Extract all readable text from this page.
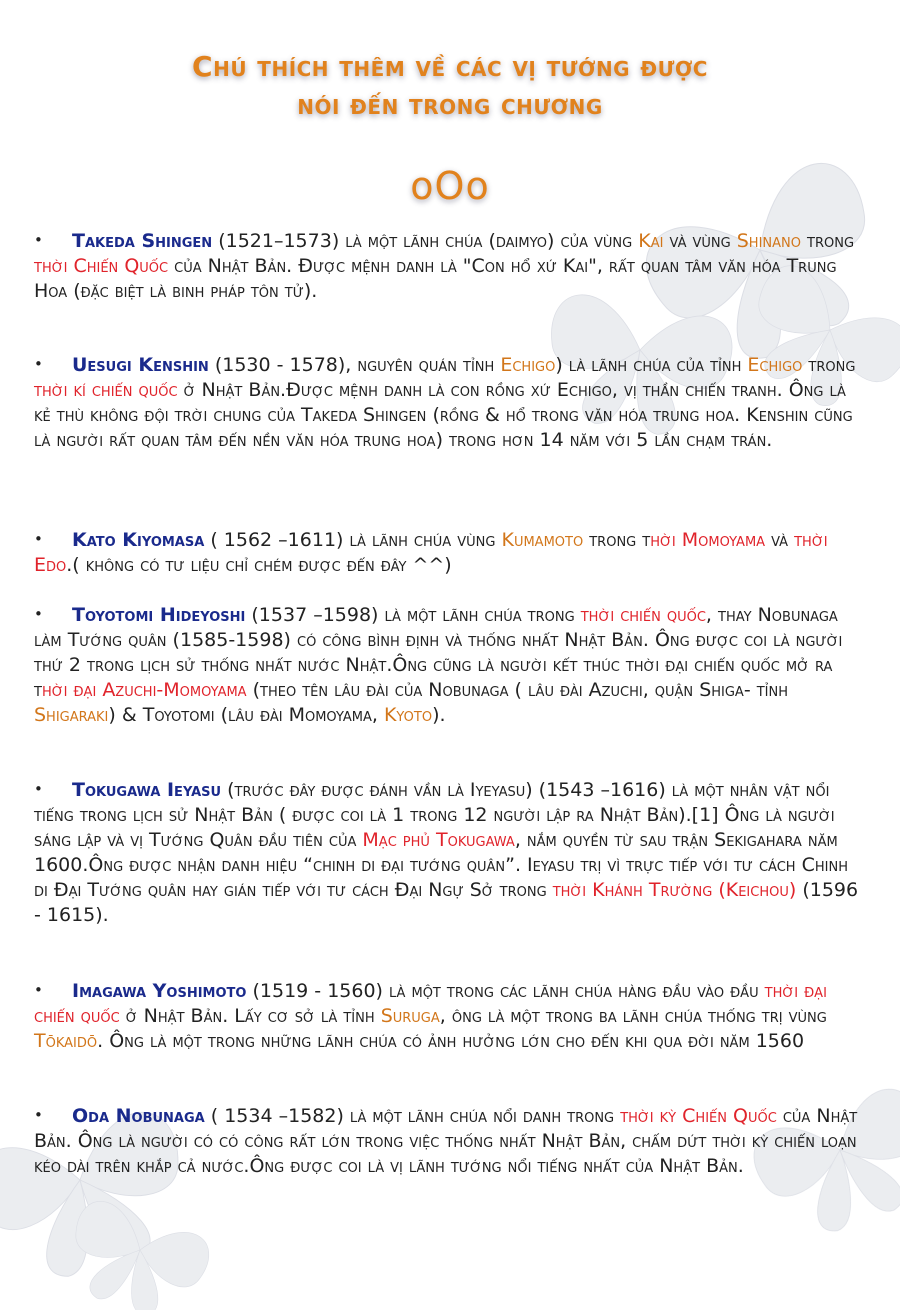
Chú thích thêm về các vị tướng được
nói đến trong chương
oOo
• Takeda Shingen (1521–1573) là một lãnh chúa (daimyo) của vùng Kai và vùng Shinano trong thời Chiến Quốc của Nhật Bản. Được mệnh danh là "Con hổ xứ Kai", rất quan tâm văn hóa Trung Hoa (đặc biệt là binh pháp tôn tử).
• Uesugi Kenshin (1530 - 1578), nguyên quán tỉnh Echigo) là lãnh chúa của tỉnh Echigo trong thời kí chiến quốc ở Nhật Bản.Được mệnh danh là con rồng xứ Echigo, vị thần chiến tranh. Ông là kẻ thù không đội trời chung của Takeda Shingen (rồng & hổ trong văn hóa trung hoa. Kenshin cũng là người rất quan tâm đến nền văn hóa trung hoa) trong hơn 14 năm với 5 lần chạm trán.
• Kato Kiyomasa ( 1562 –1611) là lãnh chúa vùng Kumamoto trong thời Momoyama và thời Edo.( không có tư liệu chỉ chém được đến đây ^^)
• Toyotomi Hideyoshi (1537 –1598) là một lãnh chúa trong thời chiến quốc, thay Nobunaga làm Tướng quân (1585-1598) có công bình định và thống nhất Nhật Bản. Ông được coi là người thứ 2 trong lịch sử thống nhất nước Nhật.Ông cũng là người kết thúc thời đại chiến quốc mở ra thời đại Azuchi-Momoyama (theo tên lâu đài của Nobunaga ( lâu đài Azuchi, quận Shiga- tỉnh Shigaraki) & Toyotomi (lâu đài Momoyama, Kyoto).
• Tokugawa Ieyasu (trước đây được đánh vần là Iyeyasu) (1543 –1616) là một nhân vật nổi tiếng trong lịch sử Nhật Bản ( được coi là 1 trong 12 người lập ra Nhật Bản).[1] Ông là người sáng lập và vị Tướng Quân đầu tiên của Mạc phủ Tokugawa, nắm quyền từ sau trận Sekigahara năm 1600.Ông được nhận danh hiệu “chinh di đại tướng quân”. Ieyasu trị vì trực tiếp với tư cách Chinh di Đại Tướng quân hay gián tiếp với tư cách Đại Ngự Sở trong thời Khánh Trường (Keichou) (1596 - 1615).
• Imagawa Yoshimoto (1519 - 1560) là một trong các lãnh chúa hàng đầu vào đầu thời đại chiến quốc ở Nhật Bản. Lấy cơ sở là tỉnh Suruga, ông là một trong ba lãnh chúa thống trị vùng Tōkaidō. Ông là một trong những lãnh chúa có ảnh hưởng lớn cho đến khi qua đời năm 1560
• Oda Nobunaga ( 1534 –1582) là một lãnh chúa nổi danh trong thời kỳ Chiến Quốc của Nhật Bản. Ông là người có có công rất lớn trong việc thống nhất Nhật Bản, chấm dứt thời kỳ chiến loạn kéo dài trên khắp cả nước.Ông được coi là vị lãnh tướng nổi tiếng nhất của Nhật Bản.
